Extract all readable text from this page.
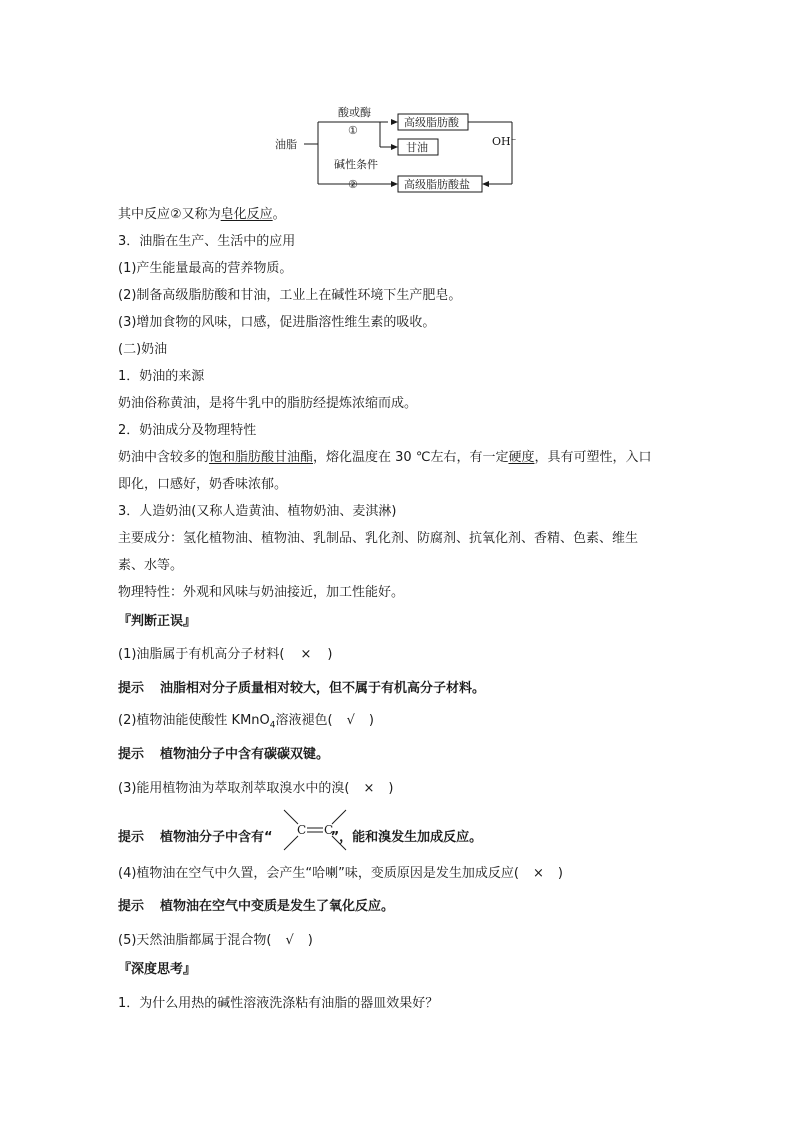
油脂
酸或酶
①
碱性条件
②
高级脂肪酸
甘油
高级脂肪酸盐
OH⁻
其中反应②又称为皂化反应。
3．油脂在生产、生活中的应用
(1)产生能量最高的营养物质。
(2)制备高级脂肪酸和甘油，工业上在碱性环境下生产肥皂。
(3)增加食物的风味，口感，促进脂溶性维生素的吸收。
(二)奶油
1．奶油的来源
奶油俗称黄油，是将牛乳中的脂肪经提炼浓缩而成。
2．奶油成分及物理特性
奶油中含较多的饱和脂肪酸甘油酯，熔化温度在 30 ℃左右，有一定硬度，具有可塑性，入口
即化，口感好，奶香味浓郁。
3．人造奶油(又称人造黄油、植物奶油、麦淇淋)
主要成分：氢化植物油、植物油、乳制品、乳化剂、防腐剂、抗氧化剂、香精、色素、维生
素、水等。
物理特性：外观和风味与奶油接近，加工性能好。
『判断正误』
(1)油脂属于有机高分子材料( × )
提示 油脂相对分子质量相对较大，但不属于有机高分子材料。
(2)植物油能使酸性 KMnO$_4$溶液褪色( √ )
提示 植物油分子中含有碳碳双键。
(3)能用植物油为萃取剂萃取溴水中的溴( × )
C C
提示 植物油分子中含有“	”，能和溴发生加成反应。
(4)植物油在空气中久置，会产生“哈喇”味，变质原因是发生加成反应( × )
提示 植物油在空气中变质是发生了氧化反应。
(5)天然油脂都属于混合物( √ )
『深度思考』
1．为什么用热的碱性溶液洗涤粘有油脂的器皿效果好？
